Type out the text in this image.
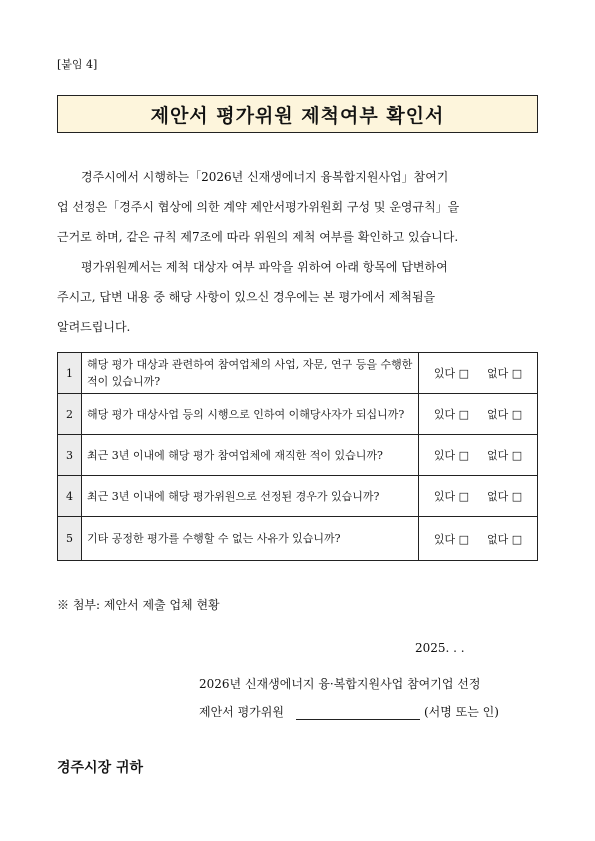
[붙임 4]
제안서 평가위원 제척여부 확인서
경주시에서 시행하는「2026년 신재생에너지 융복합지원사업」참여기
업 선정은「경주시 협상에 의한 계약 제안서평가위원회 구성 및 운영규칙」을
근거로 하며, 같은 규칙 제7조에 따라 위원의 제척 여부를 확인하고 있습니다.
평가위원께서는 제척 대상자 여부 파악을 위하여 아래 항목에 답변하여
주시고, 답변 내용 중 해당 사항이 있으신 경우에는 본 평가에서 제척됨을
알려드립니다.
1	해당 평가 대상과 관련하여 참여업체의 사업, 자문, 연구 등을 수행한 적이 있습니까?	있다 □ 없다 □
2	해당 평가 대상사업 등의 시행으로 인하여 이해당사자가 되십니까?	있다 □ 없다 □
3	최근 3년 이내에 해당 평가 참여업체에 재직한 적이 있습니까?	있다 □ 없다 □
4	최근 3년 이내에 해당 평가위원으로 선정된 경우가 있습니까?	있다 □ 없다 □
5	기타 공정한 평가를 수행할 수 없는 사유가 있습니까?	있다 □ 없다 □
※ 첨부: 제안서 제출 업체 현황
2025. . .
2026년 신재생에너지 융·복합지원사업 참여기업 선정
제안서 평가위원	(서명 또는 인)
경주시장 귀하
